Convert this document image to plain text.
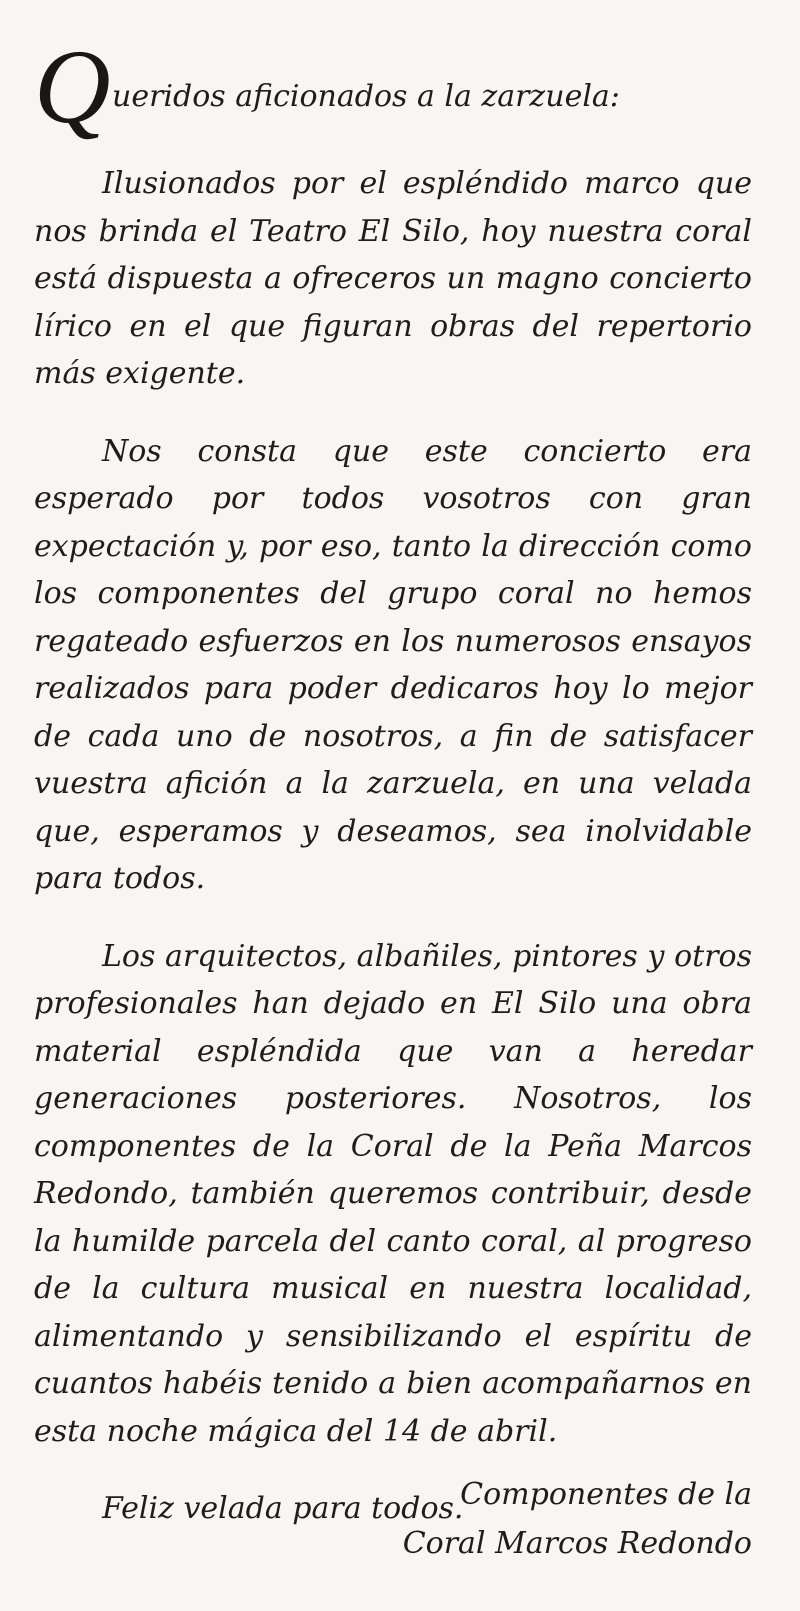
Q ueridos aficionados a la zarzuela:

Ilusionados por el espléndido marco que nos brinda el Teatro El Silo, hoy nuestra coral está dispuesta a ofreceros un magno concierto lírico en el que figuran obras del repertorio más exigente.

Nos consta que este concierto era esperado por todos vosotros con gran expectación y, por eso, tanto la dirección como los componentes del grupo coral no hemos regateado esfuerzos en los numerosos ensayos realizados para poder dedicaros hoy lo mejor de cada uno de nosotros, a fin de satisfacer vuestra afición a la zarzuela, en una velada que, esperamos y deseamos, sea inolvidable para todos.

Los arquitectos, albañiles, pintores y otros profesionales han dejado en El Silo una obra material espléndida que van a heredar generaciones posteriores. Nosotros, los componentes de la Coral de la Peña Marcos Redondo, también queremos contribuir, desde la humilde parcela del canto coral, al progreso de la cultura musical en nuestra localidad, alimentando y sensibilizando el espíritu de cuantos habéis tenido a bien acompañarnos en esta noche mágica del 14 de abril.

Feliz velada para todos.

Componentes de la
Coral Marcos Redondo
